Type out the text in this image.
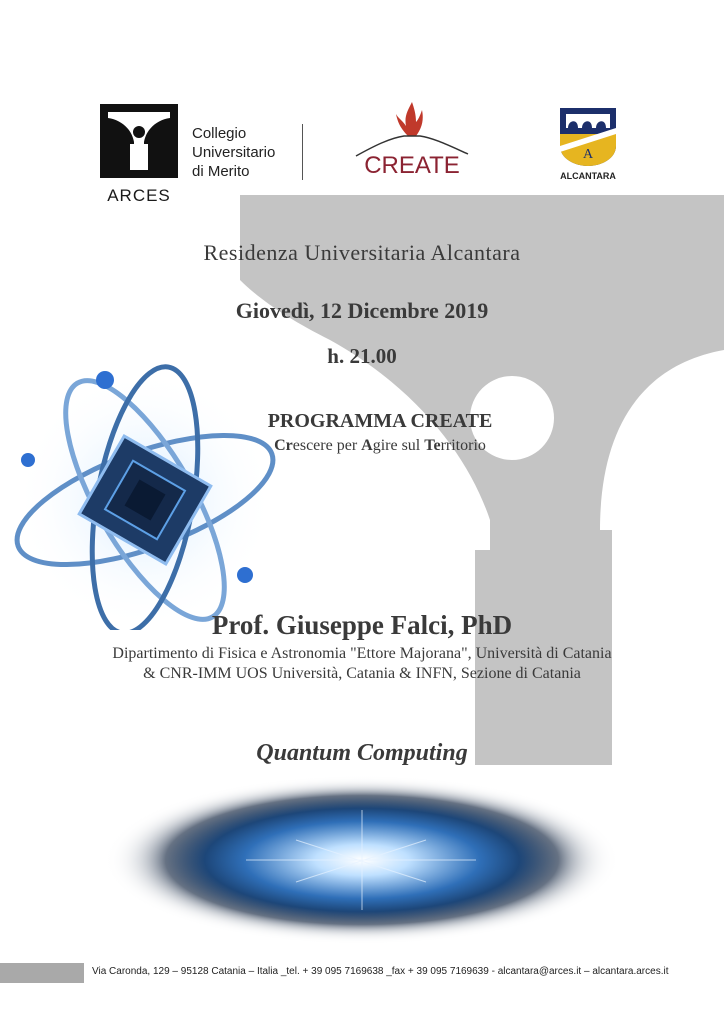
ARCES
Collegio
Universitario
di Merito	CREATE	A
ALCANTARA
Residenza Universitaria Alcantara
Giovedì, 12 Dicembre 2019
h. 21.00
PROGRAMMA CREATE
Crescere per Agire sul Territorio
Prof. Giuseppe Falci, PhD
Dipartimento di Fisica e Astronomia "Ettore Majorana", Università di Catania
& CNR-IMM UOS Università, Catania & INFN, Sezione di Catania
Quantum Computing
Via Caronda, 129 – 95128 Catania – Italia _tel. + 39 095 7169638 _fax + 39 095 7169639 - alcantara@arces.it – alcantara.arces.it
